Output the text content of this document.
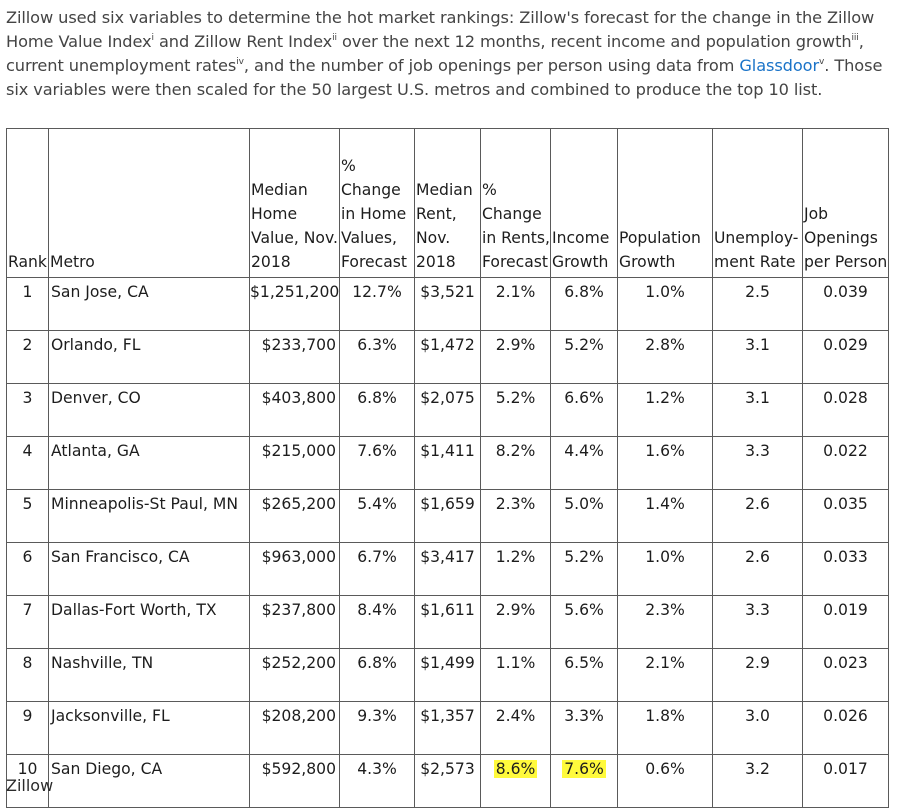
Zillow used six variables to determine the hot market rankings: Zillow's forecast for the change in the Zillow Home Value Index$^i$ and Zillow Rent Index$^{ii}$ over the next 12 months, recent income and population growth$^{iii}$, current unemployment rates$^{iv}$, and the number of job openings per person using data from Glassdoor$^v$. Those six variables were then scaled for the 50 largest U.S. metros and combined to produce the top 10 list.
Rank	Metro	Median Home Value, Nov. 2018	% Change in Home Values, Forecast	Median Rent, Nov. 2018	% Change in Rents, Forecast	Income Growth	Population Growth	Unemploy-ment Rate	Job Openings per Person
1	San Jose, CA	$1,251,200	12.7%	$3,521	2.1%	6.8%	1.0%	2.5	0.039
2	Orlando, FL	$233,700	6.3%	$1,472	2.9%	5.2%	2.8%	3.1	0.029
3	Denver, CO	$403,800	6.8%	$2,075	5.2%	6.6%	1.2%	3.1	0.028
4	Atlanta, GA	$215,000	7.6%	$1,411	8.2%	4.4%	1.6%	3.3	0.022
5	Minneapolis-St Paul, MN	$265,200	5.4%	$1,659	2.3%	5.0%	1.4%	2.6	0.035
6	San Francisco, CA	$963,000	6.7%	$3,417	1.2%	5.2%	1.0%	2.6	0.033
7	Dallas-Fort Worth, TX	$237,800	8.4%	$1,611	2.9%	5.6%	2.3%	3.3	0.019
8	Nashville, TN	$252,200	6.8%	$1,499	1.1%	6.5%	2.1%	2.9	0.023
9	Jacksonville, FL	$208,200	9.3%	$1,357	2.4%	3.3%	1.8%	3.0	0.026
10	San Diego, CA	$592,800	4.3%	$2,573	8.6%	7.6%	0.6%	3.2	0.017
Zillow
